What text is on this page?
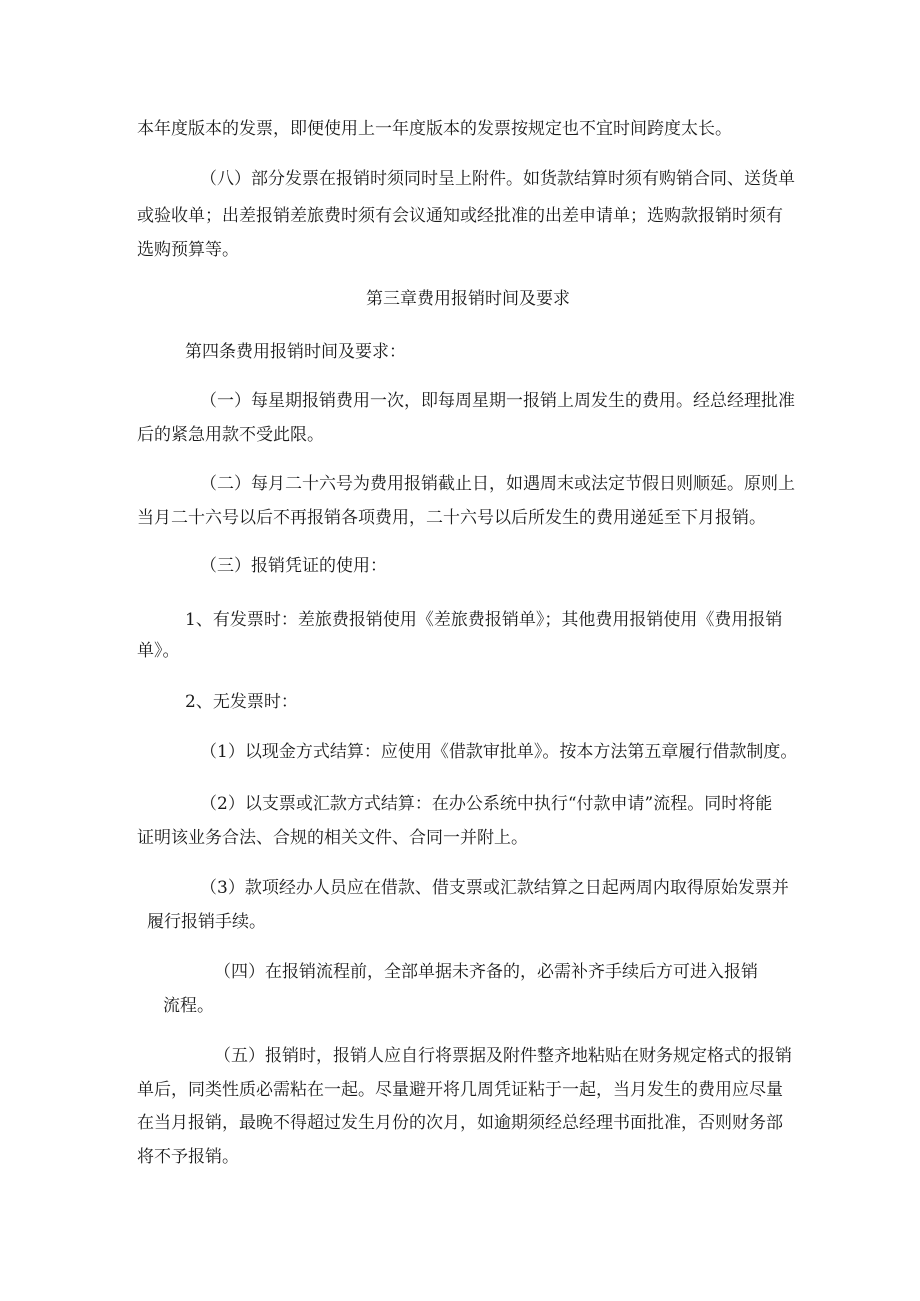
本年度版本的发票，即便使用上一年度版本的发票按规定也不宜时间跨度太长。

（八）部分发票在报销时须同时呈上附件。如货款结算时须有购销合同、送货单

或验收单；出差报销差旅费时须有会议通知或经批准的出差申请单；选购款报销时须有

选购预算等。

第三章费用报销时间及要求

第四条费用报销时间及要求：

（一）每星期报销费用一次，即每周星期一报销上周发生的费用。经总经理批准

后的紧急用款不受此限。

（二）每月二十六号为费用报销截止日，如遇周末或法定节假日则顺延。原则上

当月二十六号以后不再报销各项费用，二十六号以后所发生的费用递延至下月报销。

（三）报销凭证的使用：

1、有发票时：差旅费报销使用《差旅费报销单》；其他费用报销使用《费用报销

单》。

2、无发票时：

（1）以现金方式结算：应使用《借款审批单》。按本方法第五章履行借款制度。

（2）以支票或汇款方式结算：在办公系统中执行“付款申请”流程。同时将能

证明该业务合法、合规的相关文件、合同一并附上。

（3）款项经办人员应在借款、借支票或汇款结算之日起两周内取得原始发票并

履行报销手续。

（四）在报销流程前，全部单据未齐备的，必需补齐手续后方可进入报销

流程。

（五）报销时，报销人应自行将票据及附件整齐地粘贴在财务规定格式的报销

单后，同类性质必需粘在一起。尽量避开将几周凭证粘于一起，当月发生的费用应尽量

在当月报销，最晚不得超过发生月份的次月，如逾期须经总经理书面批准，否则财务部

将不予报销。
